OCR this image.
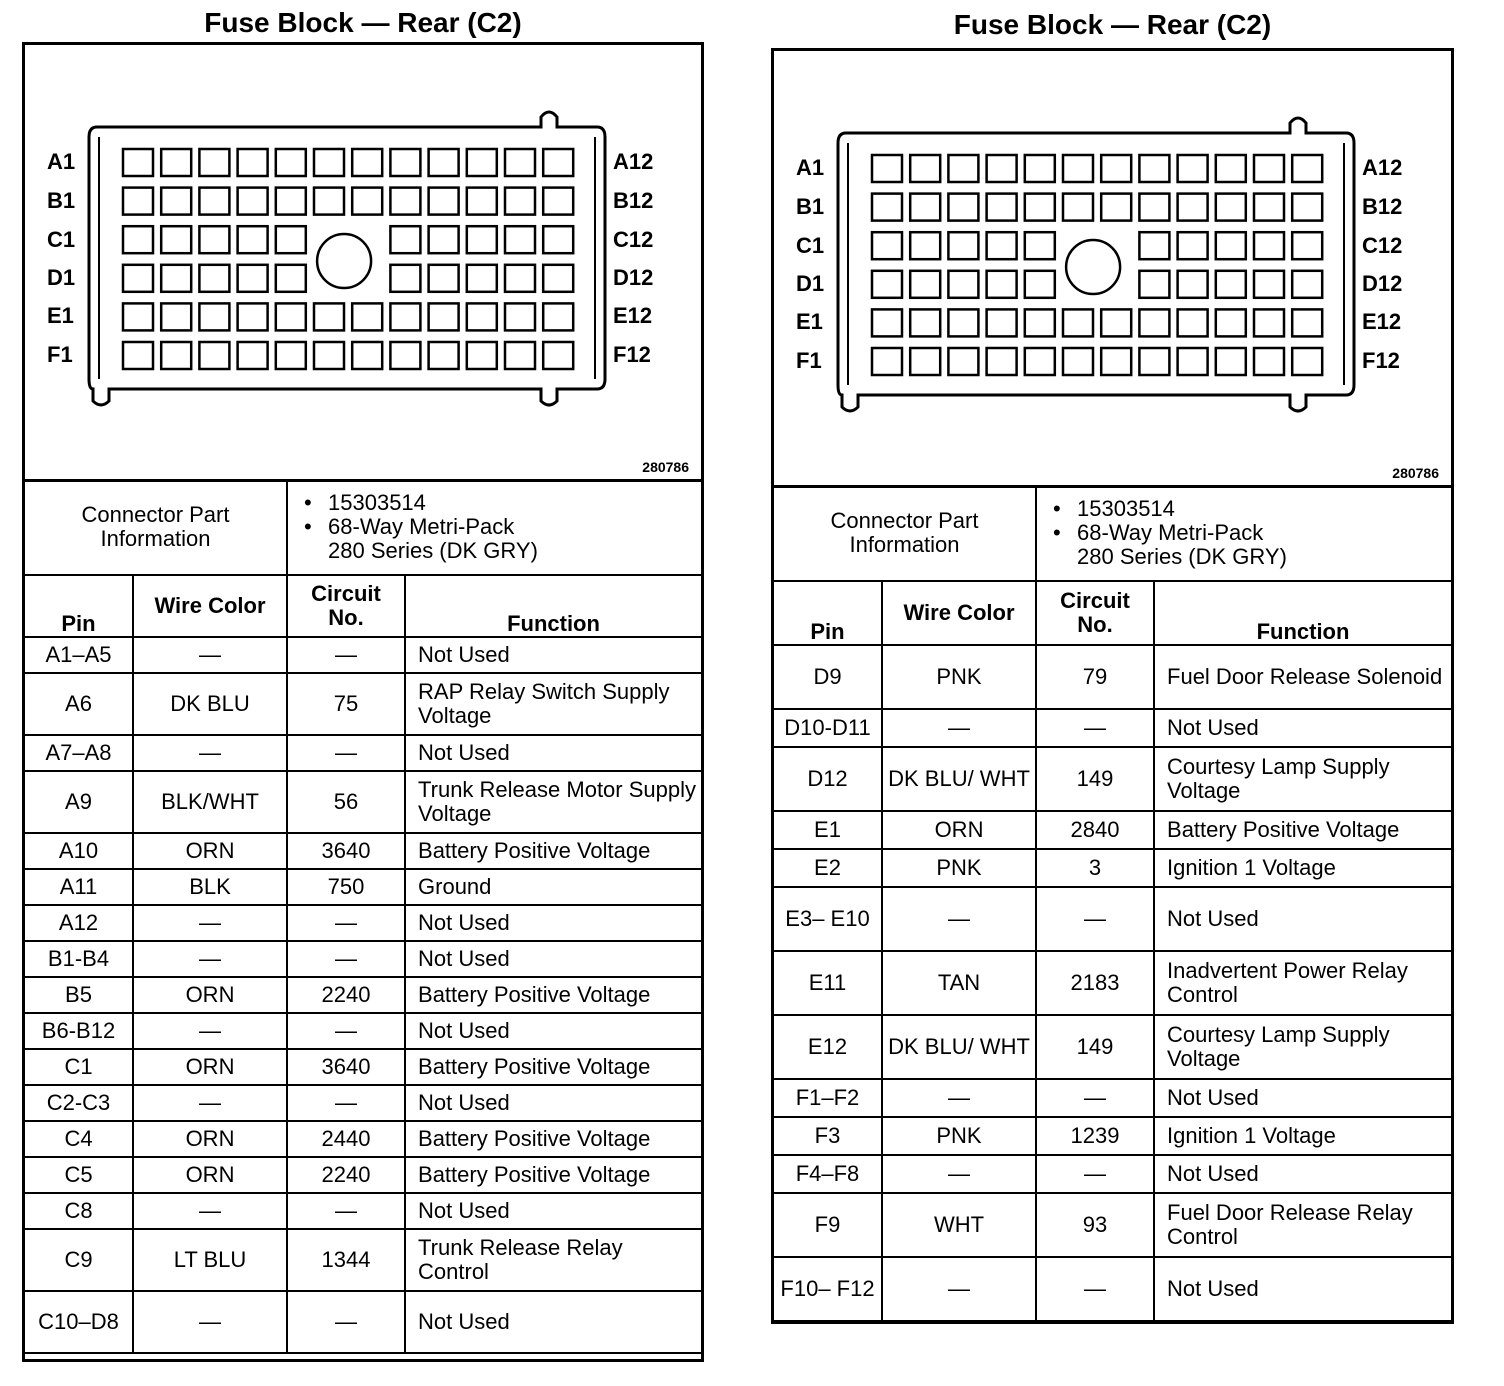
Fuse Block — Rear (C2)
A1
B1
C1
D1
E1
F1
A12
B12
C12
D12
E12
F12
280786
Connector Part Information		• 15303514
• 68-Way Metri-Pack
280 Series (DK GRY)

Pin	Wire Color	Circuit No.	Function
A1–A5	—	—	Not Used
A6	DK BLU	75	RAP Relay Switch Supply Voltage
A7–A8	—	—	Not Used
A9	BLK/WHT	56	Trunk Release Motor Supply Voltage
A10	ORN	3640	Battery Positive Voltage
A11	BLK	750	Ground
A12	—	—	Not Used
B1-B4	—	—	Not Used
B5	ORN	2240	Battery Positive Voltage
B6-B12	—	—	Not Used
C1	ORN	3640	Battery Positive Voltage
C2-C3	—	—	Not Used
C4	ORN	2440	Battery Positive Voltage
C5	ORN	2240	Battery Positive Voltage
C8	—	—	Not Used
C9	LT BLU	1344	Trunk Release Relay Control
C10–D8	—	—	Not Used
Fuse Block — Rear (C2)
A1
B1
C1
D1
E1
F1
A12
B12
C12
D12
E12
F12
280786
Connector Part Information		• 15303514
• 68-Way Metri-Pack
280 Series (DK GRY)

Pin	Wire Color	Circuit No.	Function
D9	PNK	79	Fuel Door Release Solenoid
D10-D11	—	—	Not Used
D12	DK BLU/ WHT	149	Courtesy Lamp Supply Voltage
E1	ORN	2840	Battery Positive Voltage
E2	PNK	3	Ignition 1 Voltage
E3– E10	—	—	Not Used
E11	TAN	2183	Inadvertent Power Relay Control
E12	DK BLU/ WHT	149	Courtesy Lamp Supply Voltage
F1–F2	—	—	Not Used
F3	PNK	1239	Ignition 1 Voltage
F4–F8	—	—	Not Used
F9	WHT	93	Fuel Door Release Relay Control
F10– F12	—	—	Not Used
